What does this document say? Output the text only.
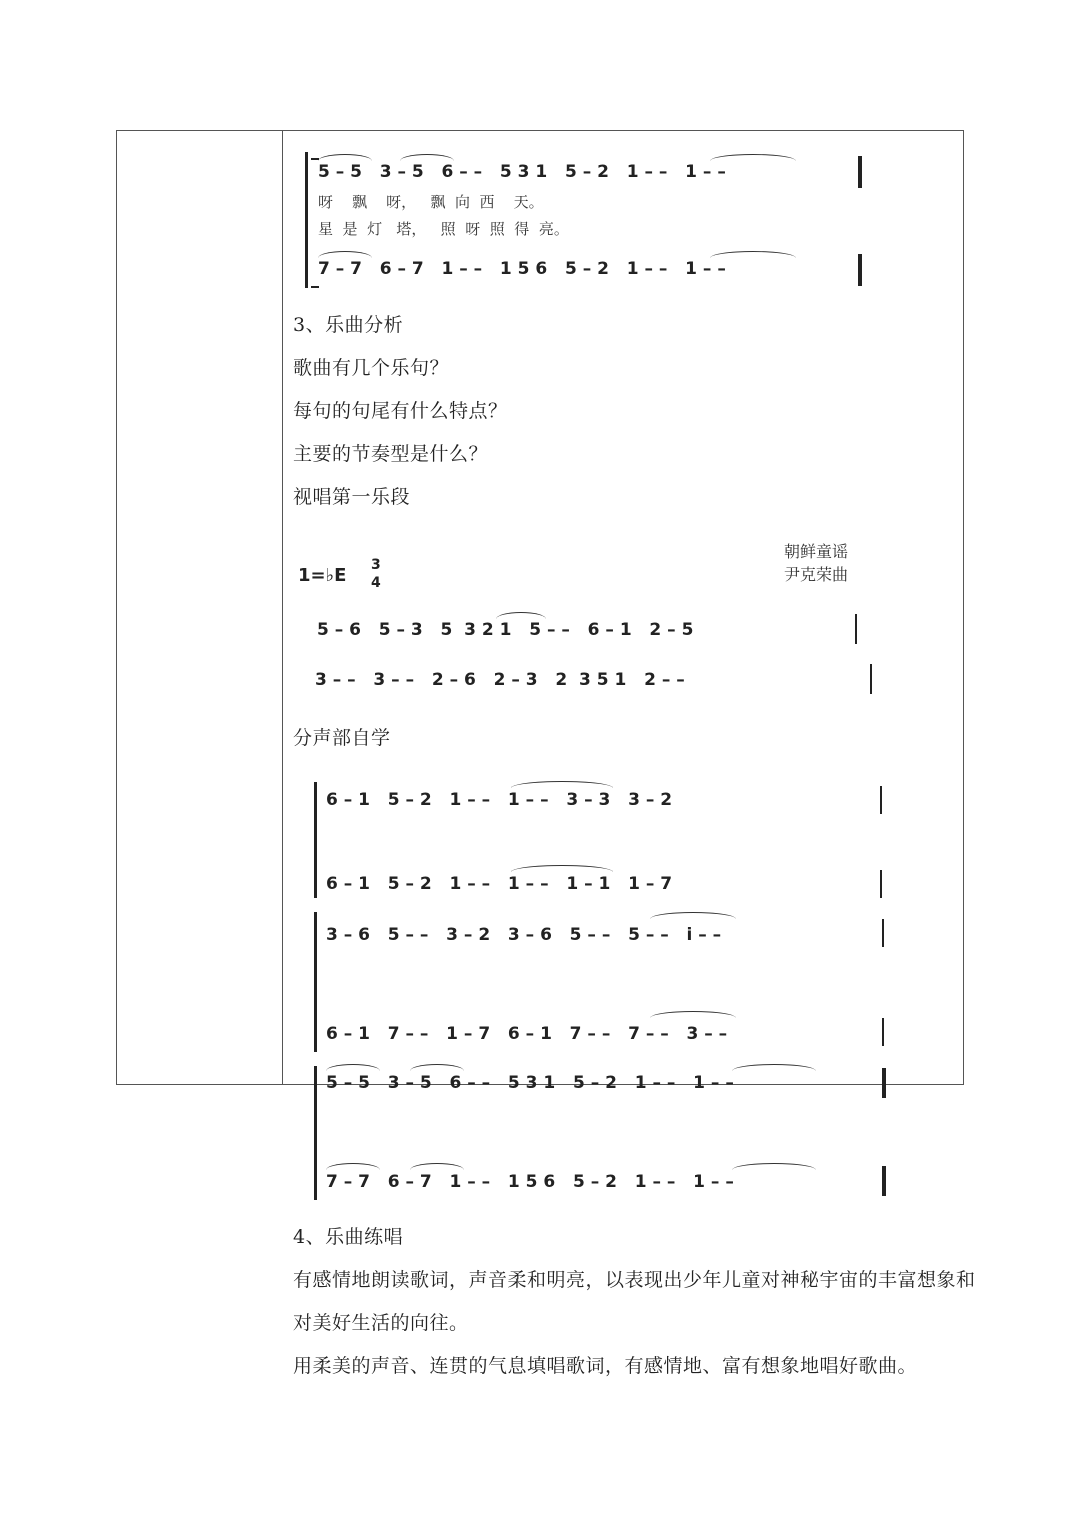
5 – 5   3 – 5   6 – –   5 3 1   5 – 2   1 – –   1 – –
呀    飘    呀，   飘  向  西    天。
星  是  灯   塔，   照  呀  照  得  亮。
7 – 7   6 – 7   1 – –   1 5 6   5 – 2   1 – –   1 – –
3、乐曲分析
歌曲有几个乐句？
每句的句尾有什么特点？
主要的节奏型是什么？
视唱第一乐段
1=♭E 3
4
朝鲜童谣
尹克荣曲
5 – 6   5 – 3   5  3 2 1   5 – –   6 – 1   2 – 5
3 – –   3 – –   2 – 6   2 – 3   2  3 5 1   2 – –
分声部自学
6 – 1   5 – 2   1 – –   1 – –   3 – 3   3 – 2
6 – 1   5 – 2   1 – –   1 – –   1 – 1   1 – 7
3 – 6   5 – –   3 – 2   3 – 6   5 – –   5 – –   i – –
6 – 1   7 – –   1 – 7   6 – 1   7 – –   7 – –   3 – –
5 – 5   3 – 5   6 – –   5 3 1   5 – 2   1 – –   1 – –
7 – 7   6 – 7   1 – –   1 5 6   5 – 2   1 – –   1 – –
4、乐曲练唱
有感情地朗读歌词，声音柔和明亮，以表现出少年儿童对神秘宇宙的丰富想象和
对美好生活的向往。
用柔美的声音、连贯的气息填唱歌词，有感情地、富有想象地唱好歌曲。
